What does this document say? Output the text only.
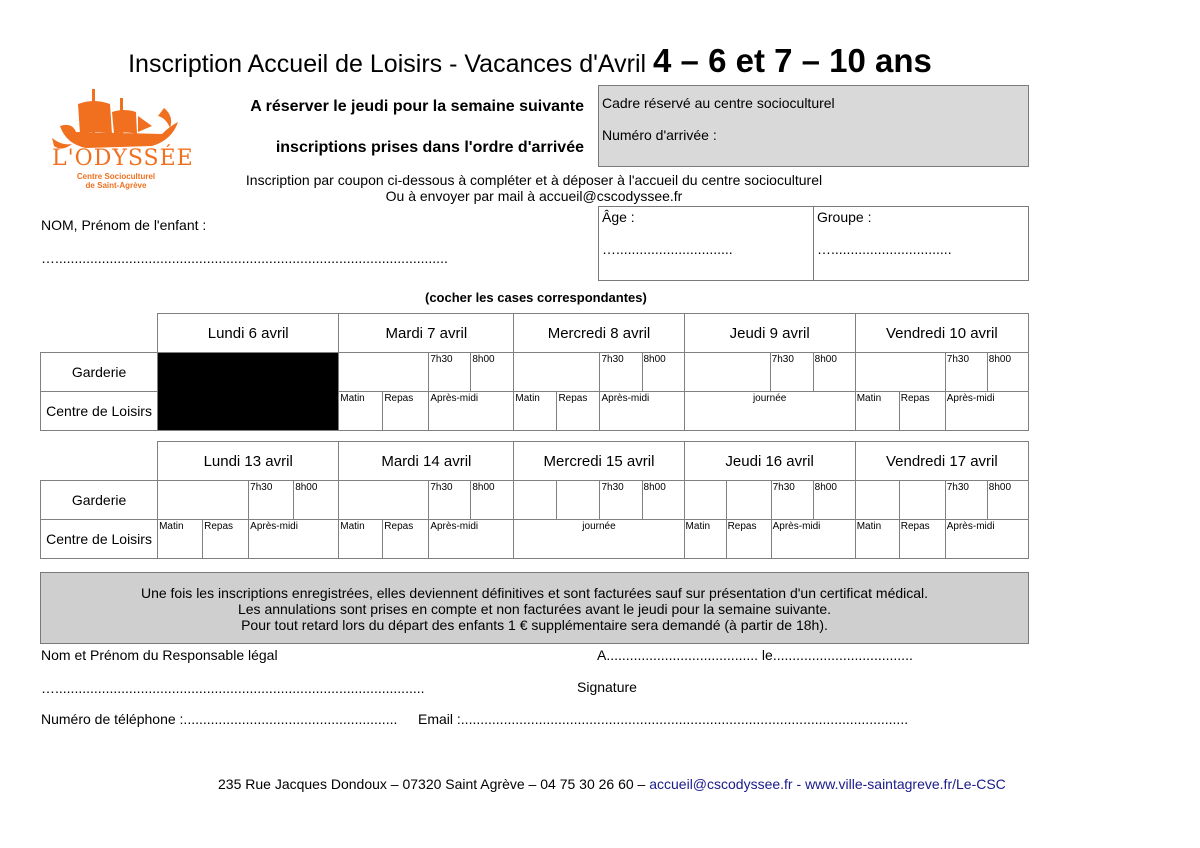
Inscription Accueil de Loisirs - Vacances d'Avril 4 – 6 et 7 – 10 ans
L'ODYSSÉE
Centre Socioculturel
de Saint-Agrève
A réserver le jeudi pour la semaine suivante
inscriptions prises dans l'ordre d'arrivée
Cadre réservé au centre socioculturel
Numéro d'arrivée :
Inscription par coupon ci-dessous à compléter et à déposer à l'accueil du centre socioculturel
Ou à envoyer par mail à accueil@cscodyssee.fr
NOM, Prénom de l'enfant :
….....................................................................................................
Âge :
…..............................
Groupe :
…...............................
(cocher les cases correspondantes)
	Lundi 6 avril	Mardi 7 avril				Mercredi 8 avril				Jeudi 9 avril			Vendredi 10 avril			
Garderie				7h30	8h00			7h30	8h00		7h30	8h00			7h30	8h00

Centre de Loisirs		Matin	Repas	Après-midi		Matin	Repas	Après-midi		journée			Matin	Repas	Après-midi	
	Lundi 13 avril				Mardi 14 avril				Mercredi 15 avril				Jeudi 16 avril				Vendredi 17 avril			
Garderie			7h30	8h00			7h30	8h00			7h30	8h00			7h30	8h00			7h30	8h00

Centre de Loisirs	Matin	Repas	Après-midi		Matin	Repas	Après-midi		journée				Matin	Repas	Après-midi		Matin	Repas	Après-midi	
Une fois les inscriptions enregistrées, elles deviennent définitives et sont facturées sauf sur présentation d'un certificat médical.
Les annulations sont prises en compte et non facturées avant le jeudi pour la semaine suivante.
Pour tout retard lors du départ des enfants 1 € supplémentaire sera demandé (à partir de 18h).
Nom et Prénom du Responsable légal	A....................................... le....................................
…...............................................................................................	Signature
Numéro de téléphone :....................................................... Email :...................................................................................................................
235 Rue Jacques Dondoux – 07320 Saint Agrève – 04 75 30 26 60 – accueil@cscodyssee.fr - www.ville-saintagreve.fr/Le-CSC
